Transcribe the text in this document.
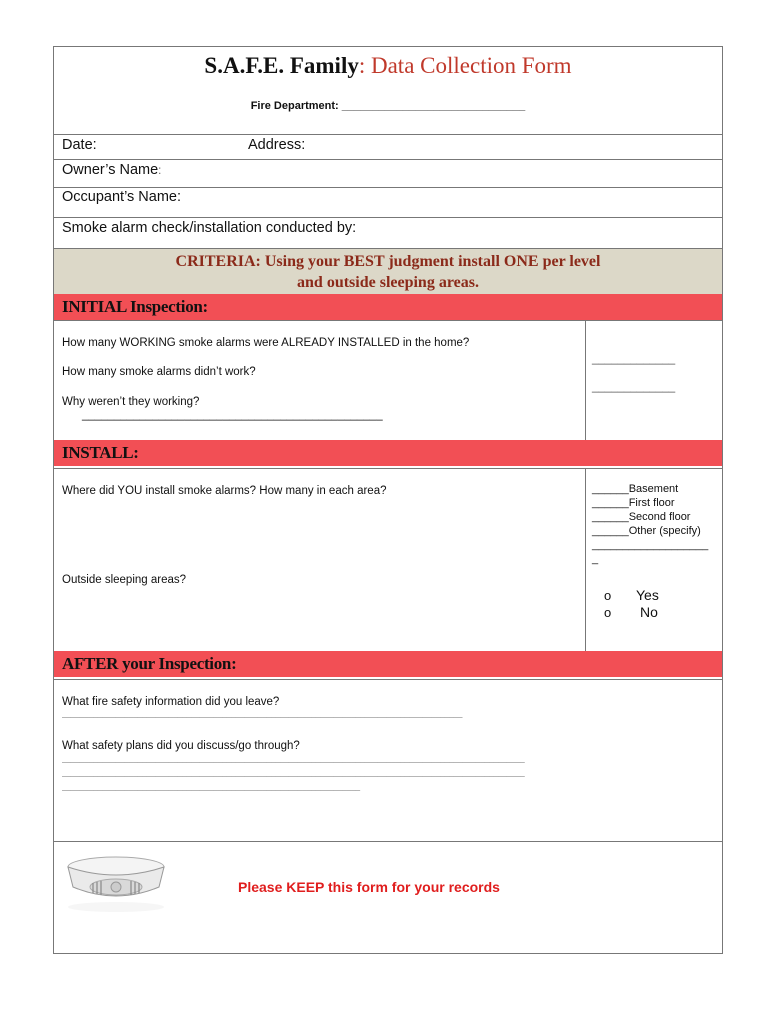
S.A.F.E. Family: Data Collection Form
Fire Department: ______________________________
Date:	Address:
Owner’s Name:
Occupant’s Name:
Smoke alarm check/installation conducted by:
CRITERIA: Using your BEST judgment install ONE per level
and outside sleeping areas.
INITIAL Inspection:
How many WORKING smoke alarms were ALREADY INSTALLED in the home?
How many smoke alarms didn’t work?
Why weren’t they working?
_______________________________________________
_____________
_____________
INSTALL:
Where did YOU install smoke alarms? How many in each area?	______Basement
______First floor
______Second floor
______Other (specify)
___________________
_
Outside sleeping areas?
o Yes
o No
AFTER your Inspection:
What fire safety information did you leave?
__________________________________________________________________________________________
What safety plans did you discuss/go through?
________________________________________________________________________________________________________
________________________________________________________________________________________________________
___________________________________________________________________
Please KEEP this form for your records
